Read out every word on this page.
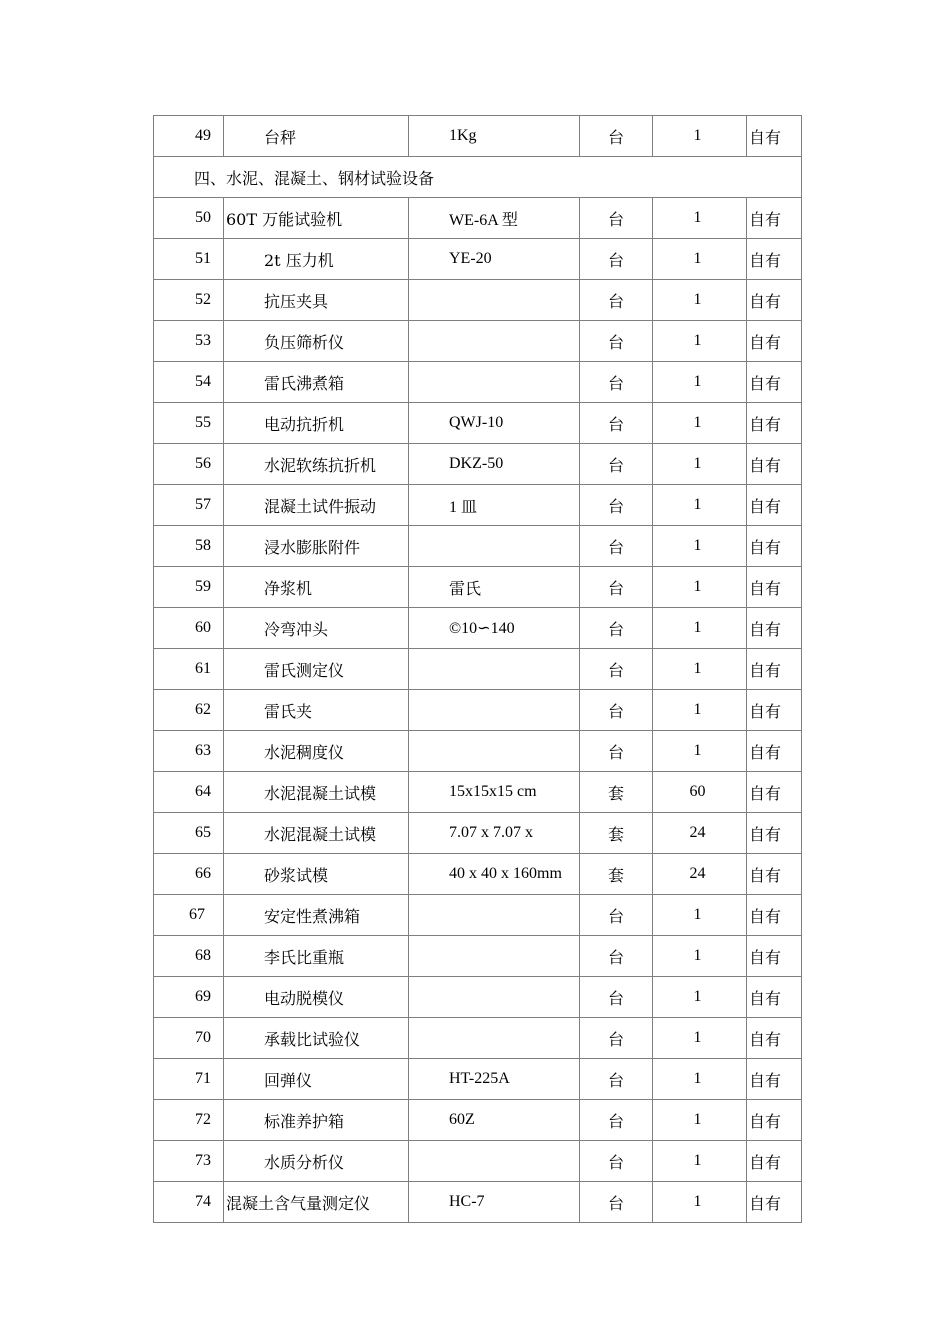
49	台秤	1Kg	台	1	自有
四、水泥、混凝土、钢材试验设备					
50	60T 万能试验机	WE-6A 型	台	1	自有
51	2t 压力机	YE-20	台	1	自有
52	抗压夹具		台	1	自有
53	负压筛析仪		台	1	自有
54	雷氏沸煮箱		台	1	自有
55	电动抗折机	QWJ-10	台	1	自有
56	水泥软练抗折机	DKZ-50	台	1	自有
57	混凝土试件振动	1 皿	台	1	自有
58	浸水膨胀附件		台	1	自有
59	净浆机	雷氏	台	1	自有
60	冷弯冲头	©10∽140	台	1	自有
61	雷氏测定仪		台	1	自有
62	雷氏夹		台	1	自有
63	水泥稠度仪		台	1	自有
64	水泥混凝土试模	15x15x15 cm	套	60	自有
65	水泥混凝土试模	7.07 x 7.07 x	套	24	自有
66	砂浆试模	40 x 40 x 160mm	套	24	自有
67	安定性煮沸箱		台	1	自有
68	李氏比重瓶		台	1	自有
69	电动脱模仪		台	1	自有
70	承载比试验仪		台	1	自有
71	回弹仪	HT-225A	台	1	自有
72	标准养护箱	60Z	台	1	自有
73	水质分析仪		台	1	自有
74	混凝土含气量测定仪	HC-7	台	1	自有
